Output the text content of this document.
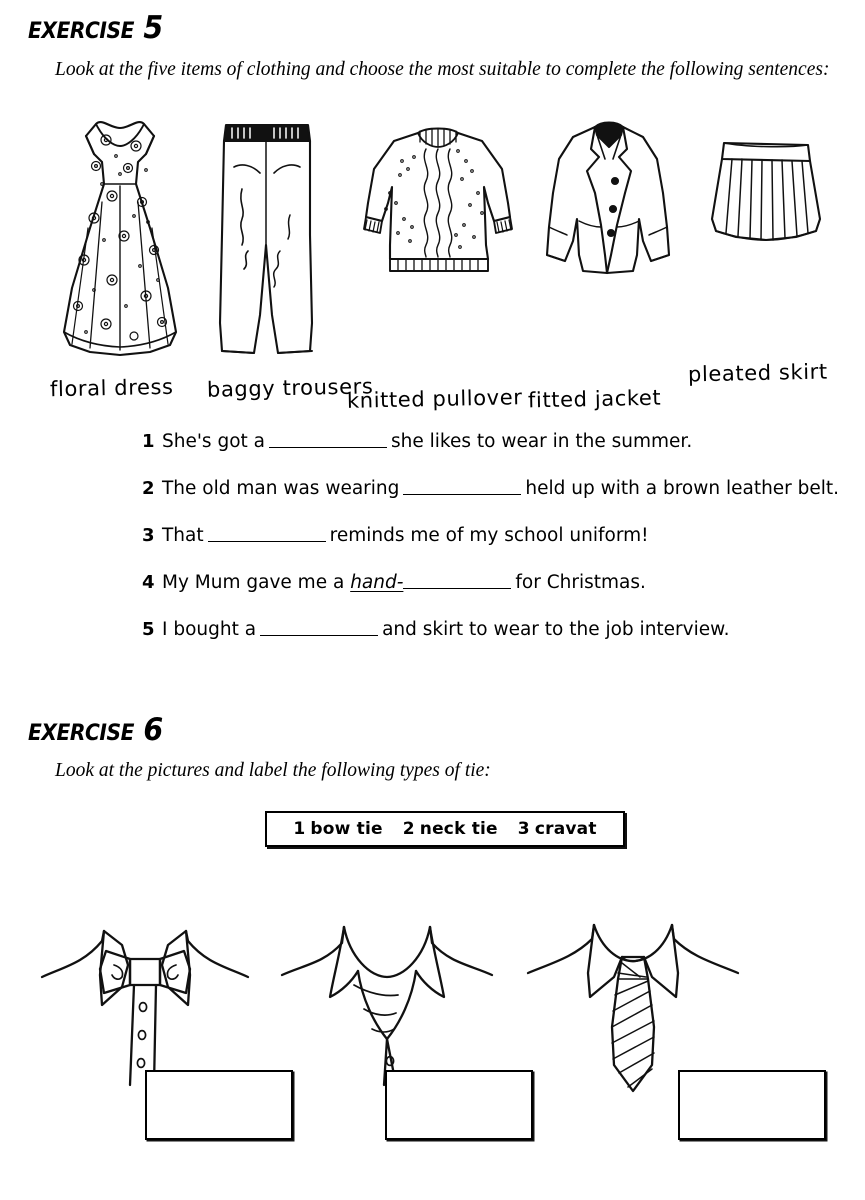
exercise 5
Look at the five items of clothing and choose the most suitable to complete the following sentences:
floral dress baggy trousers
knitted pullover fitted jacket
pleated skirt
1 She's got a	she likes to wear in the summer.
2 The old man was wearing	held up with a brown leather belt.
3 That	reminds me of my school uniform!
4 My Mum gave me a hand-	for Christmas.
5 I bought a	and skirt to wear to the job interview.
exercise 6
Look at the pictures and label the following types of tie:
1 bow tie 2 neck tie 3 cravat
